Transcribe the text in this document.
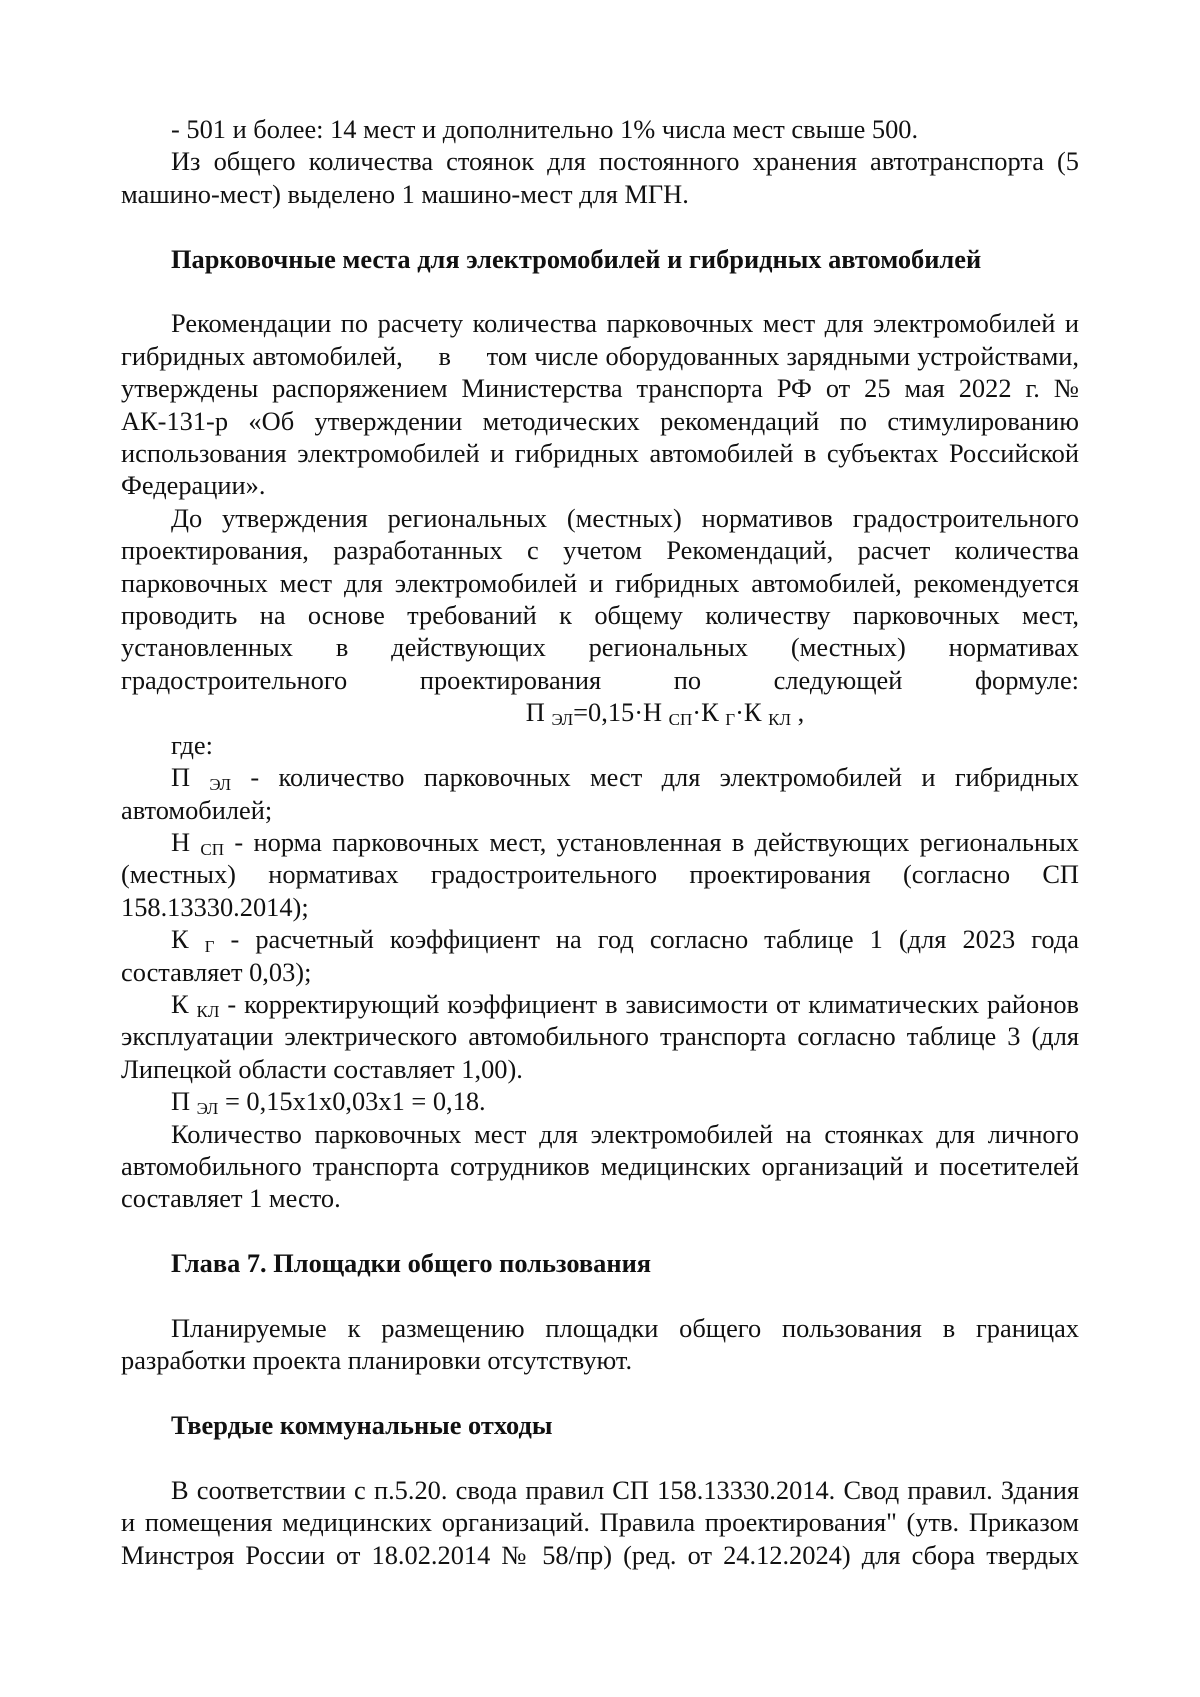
- 501 и более: 14 мест и дополнительно 1% числа мест свыше 500.

Из общего количества стоянок для постоянного хранения автотранспорта (5 машино-мест) выделено 1 машино-мест для МГН.

Парковочные места для электромобилей и гибридных автомобилей

Рекомендации по расчету количества парковочных мест для электромобилей и гибридных автомобилей,     в     том числе оборудованных зарядными устройствами, утверждены распоряжением Министерства транспорта РФ от 25 мая 2022 г. № АК-131-р «Об утверждении методических рекомендаций по стимулированию использования электромобилей и гибридных автомобилей в субъектах Российской Федерации».

До утверждения региональных (местных) нормативов градостроительного проектирования, разработанных с учетом Рекомендаций, расчет количества парковочных мест для электромобилей и гибридных автомобилей, рекомендуется проводить на основе требований к общему количеству парковочных мест, установленных в действующих региональных (местных) нормативах градостроительного проектирования по следующей формуле:

П $_{ЭЛ}$=0,15·Н $_{СП}$·К $_Г$·К $_{КЛ}$ ,

где:

П $_{ЭЛ}$ - количество парковочных мест для электромобилей и гибридных автомобилей;

Н $_{СП}$ - норма парковочных мест, установленная в действующих региональных (местных) нормативах градостроительного проектирования (согласно СП 158.13330.2014);

К $_Г$ - расчетный коэффициент на год согласно таблице 1 (для 2023 года составляет 0,03);

К $_{КЛ}$ - корректирующий коэффициент в зависимости от климатических районов эксплуатации электрического автомобильного транспорта согласно таблице 3 (для Липецкой области составляет 1,00).

П $_{ЭЛ}$ = 0,15х1х0,03х1 = 0,18.

Количество парковочных мест для электромобилей на стоянках для личного автомобильного транспорта сотрудников медицинских организаций и посетителей составляет 1 место.

Глава 7. Площадки общего пользования

Планируемые к размещению площадки общего пользования в границах разработки проекта планировки отсутствуют.

Твердые коммунальные отходы

В соответствии с п.5.20. свода правил СП 158.13330.2014. Свод правил. Здания и помещения медицинских организаций. Правила проектирования" (утв. Приказом Минстроя России от 18.02.2014 № 58/пр) (ред. от 24.12.2024) для сбора твердых
